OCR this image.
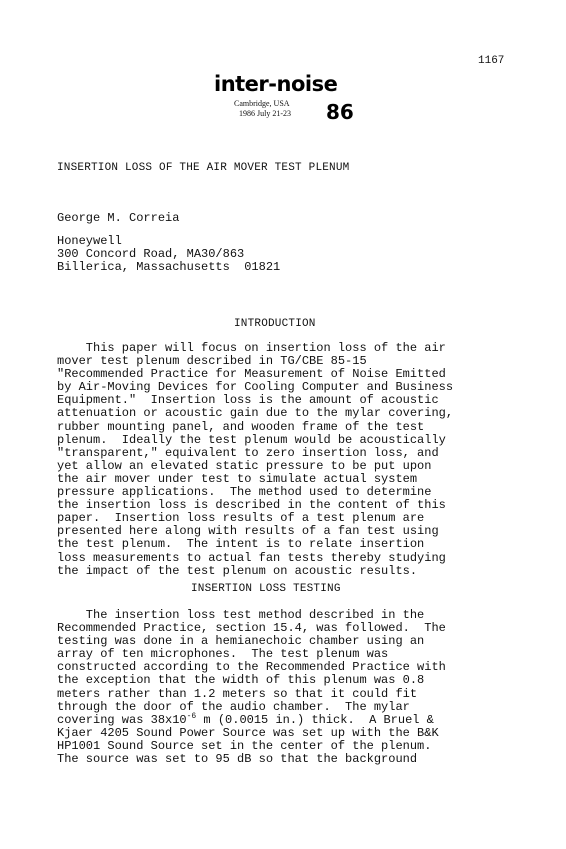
1167
inter-noise
Cambridge, USA
1986 July 21-23 86
INSERTION LOSS OF THE AIR MOVER TEST PLENUM
George M. Correia
Honeywell
300 Concord Road, MA30/863
Billerica, Massachusetts  01821
INTRODUCTION
This paper will focus on insertion loss of the air
mover test plenum described in TG/CBE 85-15
"Recommended Practice for Measurement of Noise Emitted
by Air-Moving Devices for Cooling Computer and Business
Equipment."  Insertion loss is the amount of acoustic
attenuation or acoustic gain due to the mylar covering,
rubber mounting panel, and wooden frame of the test
plenum.  Ideally the test plenum would be acoustically
"transparent," equivalent to zero insertion loss, and
yet allow an elevated static pressure to be put upon
the air mover under test to simulate actual system
pressure applications.  The method used to determine
the insertion loss is described in the content of this
paper.  Insertion loss results of a test plenum are
presented here along with results of a fan test using
the test plenum.  The intent is to relate insertion
loss measurements to actual fan tests thereby studying
the impact of the test plenum on acoustic results.
INSERTION LOSS TESTING
The insertion loss test method described in the
Recommended Practice, section 15.4, was followed.  The
testing was done in a hemianechoic chamber using an
array of ten microphones.  The test plenum was
constructed according to the Recommended Practice with
the exception that the width of this plenum was 0.8
meters rather than 1.2 meters so that it could fit
through the door of the audio chamber.  The mylar
covering was $38x10^{-6}$ m (0.0015 in.) thick.  A Bruel &
Kjaer 4205 Sound Power Source was set up with the B&K
HP1001 Sound Source set in the center of the plenum.
The source was set to 95 dB so that the background
